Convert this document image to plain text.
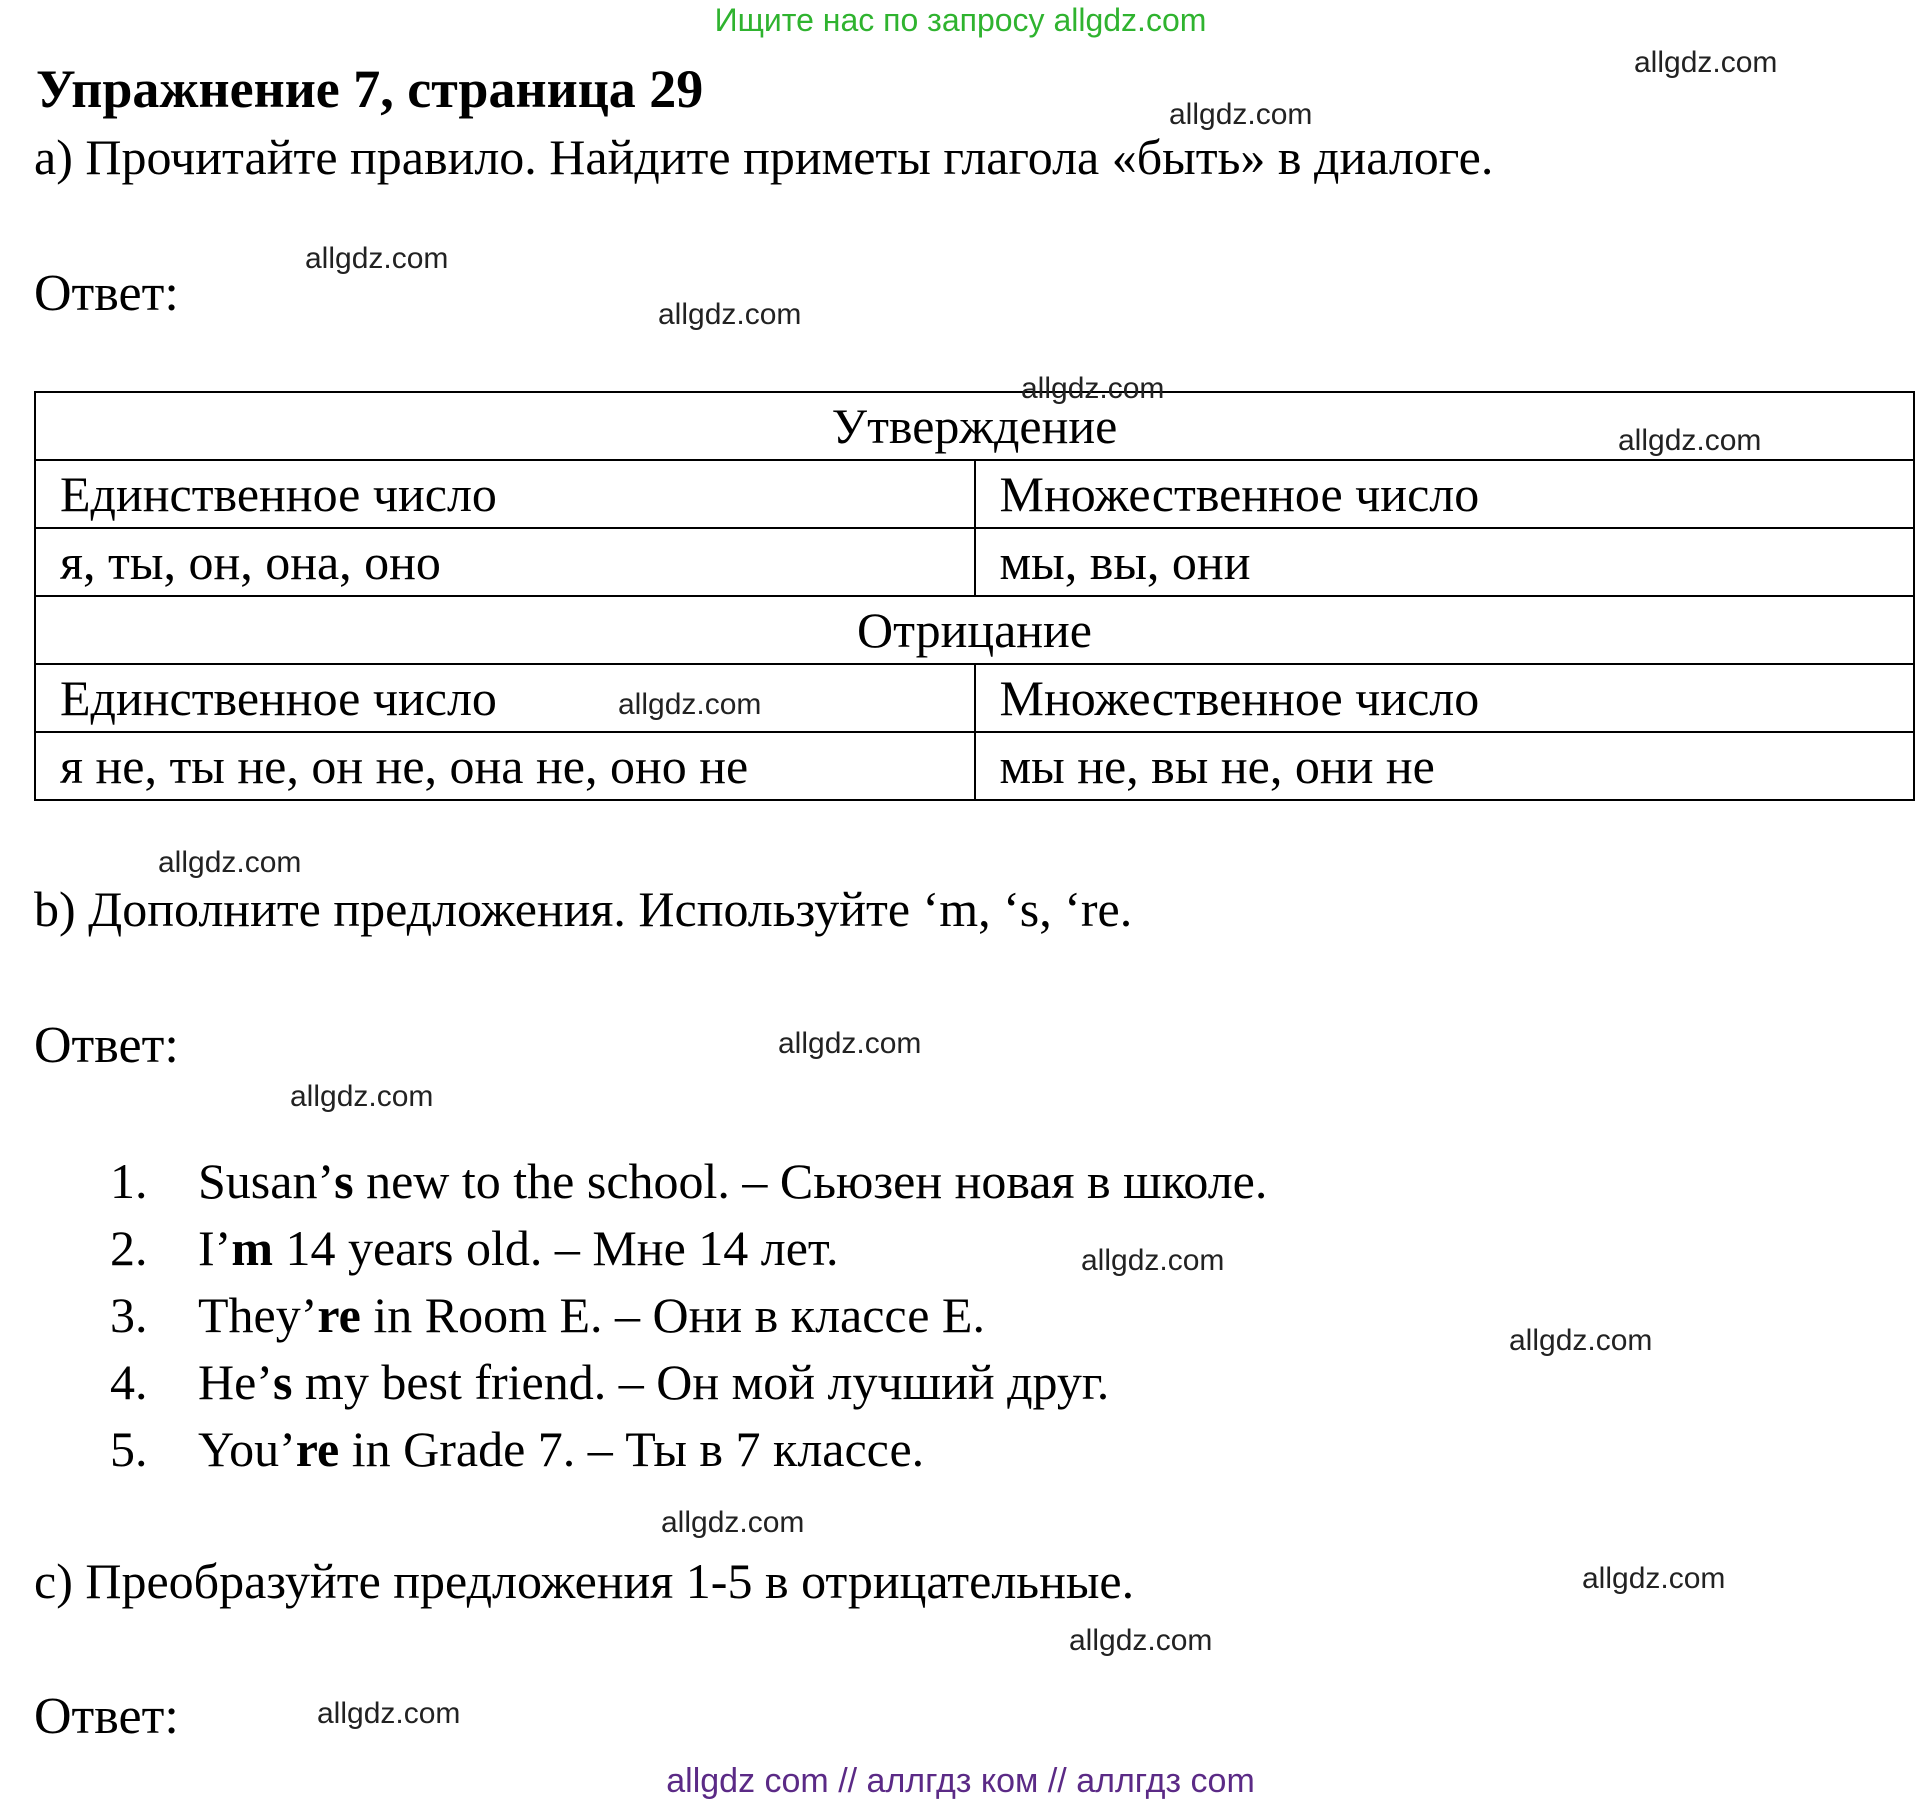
Ищите нас по запросу allgdz.com
Упражнение 7, страница 29
a) Прочитайте правило. Найдите приметы глагола «быть» в диалоге.
Ответ:
Утверждение	
Единственное число	Множественное число
я, ты, он, она, оно	мы, вы, они
Отрицание	
Единственное число	Множественное число
я не, ты не, он не, она не, оно не	мы не, вы не, они не
b) Дополните предложения. Используйте ‘m, ‘s, ‘re.
Ответ:
1. Susan’s new to the school. – Сьюзен новая в школе.
2. I’m 14 years old. – Мне 14 лет.
3. They’re in Room E. – Они в классе E.
4. He’s my best friend. – Он мой лучший друг.
5. You’re in Grade 7. – Ты в 7 классе.
c) Преобразуйте предложения 1-5 в отрицательные.
Ответ:
allgdz.com
allgdz.com
allgdz.com
allgdz.com
allgdz.com
allgdz.com
allgdz.com
allgdz.com
allgdz.com
allgdz.com
allgdz.com
allgdz.com
allgdz.com
allgdz.com
allgdz.com
allgdz.com
allgdz com // аллгдз ком // аллгдз com
